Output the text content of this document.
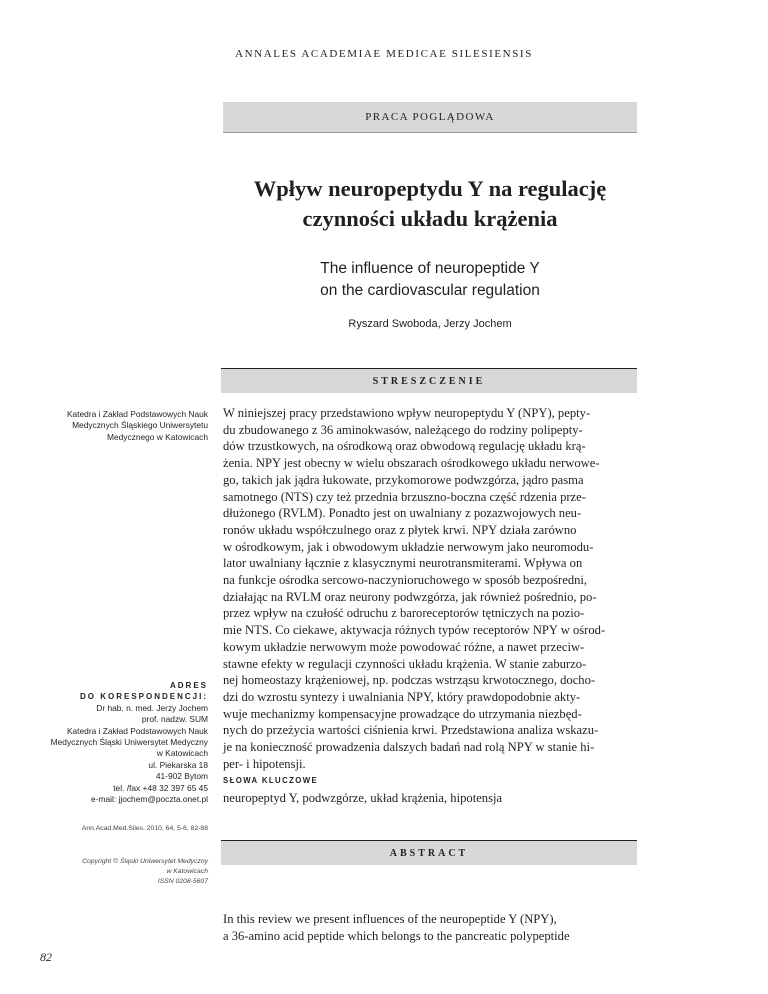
ANNALES ACADEMIAE MEDICAE SILESIENSIS
PRACA POGLĄDOWA
Wpływ neuropeptydu Y na regulację
czynności układu krążenia
The influence of neuropeptide Y
on the cardiovascular regulation
Ryszard Swoboda, Jerzy Jochem
STRESZCZENIE
Katedra i Zakład Podstawowych Nauk
Medycznych Śląskiego Uniwersytetu
Medycznego w Katowicach
ADRES
DO KORESPONDENCJI:
Dr hab. n. med. Jerzy Jochem
prof. nadzw. SUM
Katedra i Zakład Podstawowych Nauk
Medycznych Śląski Uniwersytet Medyczny
w Katowicach
ul. Piekarska 18
41-902 Bytom
tel. /fax +48 32 397 65 45
e-mail: jjochem@poczta.onet.pl
Ann.Acad.Med.Siles. 2010, 64, 5-6, 82-88
Copyright © Śląski Uniwersytet Medyczny
w Katowicach
ISSN 0208-5607
W niniejszej pracy przedstawiono wpływ neuropeptydu Y (NPY), pepty-
du zbudowanego z 36 aminokwasów, należącego do rodziny polipepty-
dów trzustkowych, na ośrodkową oraz obwodową regulację układu krą-
żenia. NPY jest obecny w wielu obszarach ośrodkowego układu nerwowe-
go, takich jak jądra łukowate, przykomorowe podwzgórza, jądro pasma
samotnego (NTS) czy też przednia brzuszno-boczna część rdzenia prze-
dłużonego (RVLM). Ponadto jest on uwalniany z pozazwojowych neu-
ronów układu współczulnego oraz z płytek krwi. NPY działa zarówno
w ośrodkowym, jak i obwodowym układzie nerwowym jako neuromodu-
lator uwalniany łącznie z klasycznymi neurotransmiterami. Wpływa on
na funkcje ośrodka sercowo-naczynioruchowego w sposób bezpośredni,
działając na RVLM oraz neurony podwzgórza, jak również pośrednio, po-
przez wpływ na czułość odruchu z baroreceptorów tętniczych na pozio-
mie NTS. Co ciekawe, aktywacja różnych typów receptorów NPY w ośrod-
kowym układzie nerwowym może powodować różne, a nawet przeciw-
stawne efekty w regulacji czynności układu krążenia. W stanie zaburzo-
nej homeostazy krążeniowej, np. podczas wstrząsu krwotocznego, docho-
dzi do wzrostu syntezy i uwalniania NPY, który prawdopodobnie akty-
wuje mechanizmy kompensacyjne prowadzące do utrzymania niezbęd-
nych do przeżycia wartości ciśnienia krwi. Przedstawiona analiza wskazu-
je na konieczność prowadzenia dalszych badań nad rolą NPY w stanie hi-
per- i hipotensji.
SŁOWA KLUCZOWE
neuropeptyd Y, podwzgórze, układ krążenia, hipotensja
ABSTRACT
In this review we present influences of the neuropeptide Y (NPY),
a 36-amino acid peptide which belongs to the pancreatic polypeptide
82
